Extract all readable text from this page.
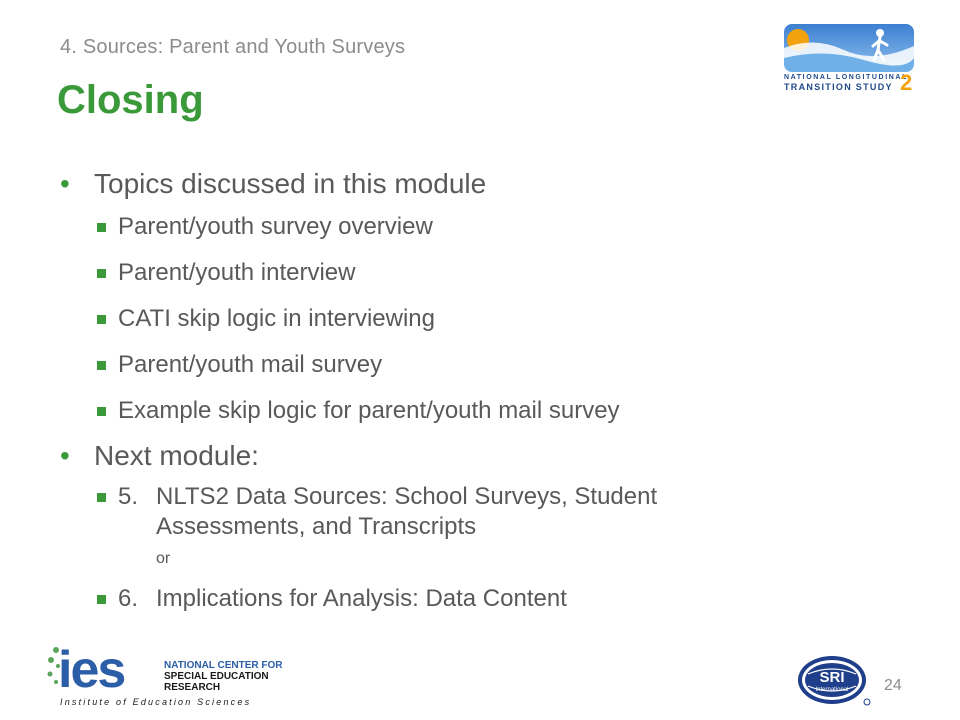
4. Sources: Parent and Youth Surveys
Closing
NATIONAL LONGITUDINAL
TRANSITION STUDY 2
• Topics discussed in this module
Parent/youth survey overview
Parent/youth interview
CATI skip logic in interviewing
Parent/youth mail survey
Example skip logic for parent/youth mail survey
• Next module:
5. NLTS2 Data Sources: School Surveys, Student Assessments, and Transcripts
or
6. Implications for Analysis: Data Content
ies	NATIONAL CENTER FOR
SPECIAL EDUCATION RESEARCH
Institute of Education Sciences
SRI
International 24
